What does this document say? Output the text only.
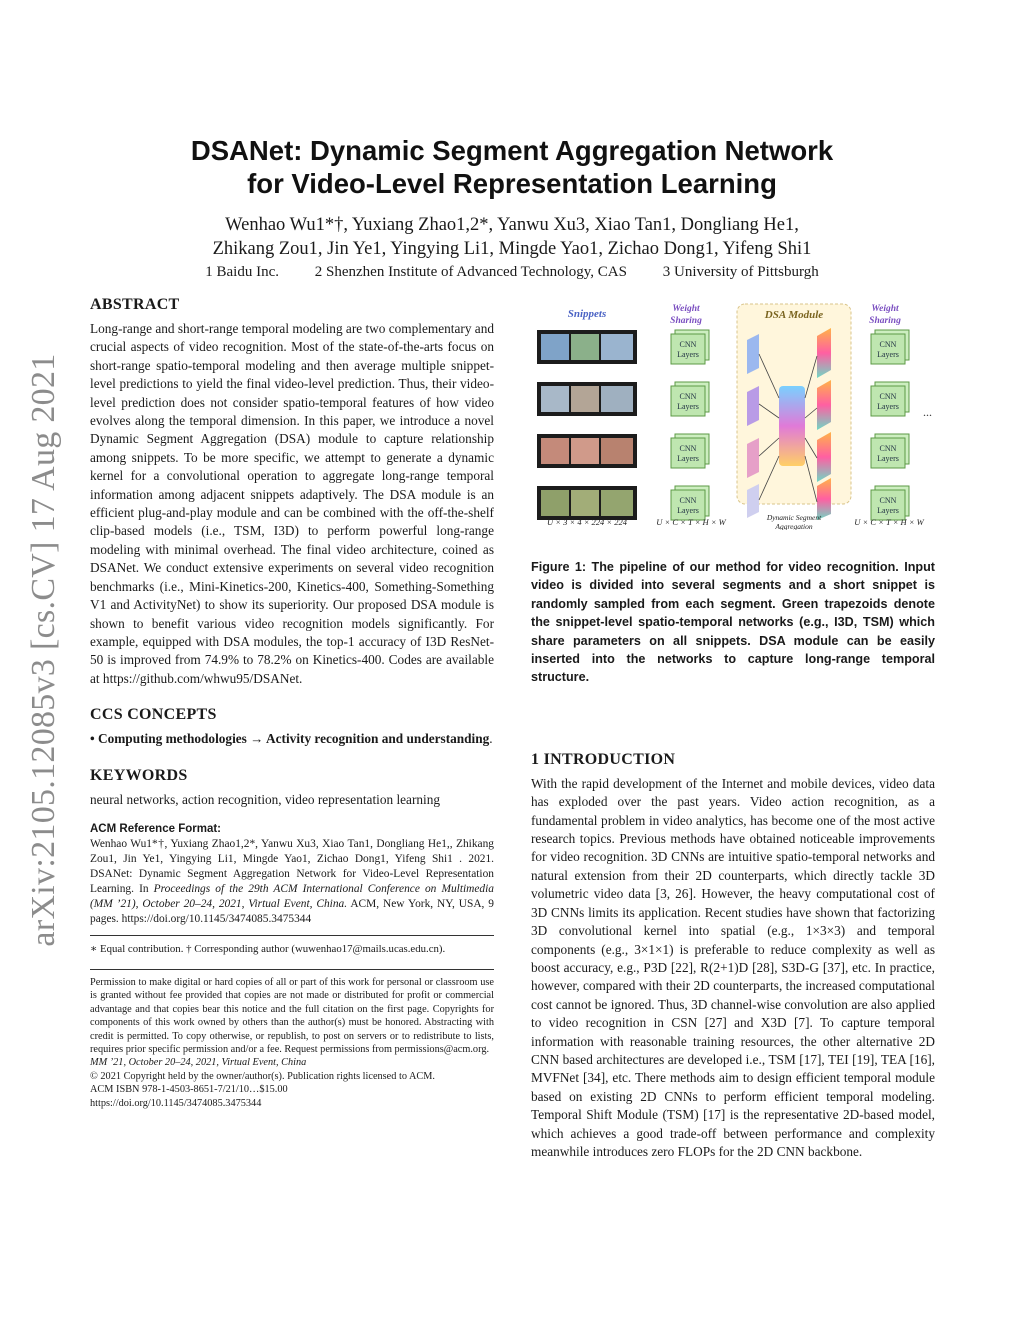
arXiv:2105.12085v3 [cs.CV] 17 Aug 2021
DSANet: Dynamic Segment Aggregation Network
for Video-Level Representation Learning
Wenhao Wu1*†, Yuxiang Zhao1,2*, Yanwu Xu3, Xiao Tan1, Dongliang He1,
Zhikang Zou1, Jin Ye1, Yingying Li1, Mingde Yao1, Zichao Dong1, Yifeng Shi1
1 Baidu Inc. 2 Shenzhen Institute of Advanced Technology, CAS 3 University of Pittsburgh
ABSTRACT

Long-range and short-range temporal modeling are two complementary and crucial aspects of video recognition. Most of the state-of-the-arts focus on short-range spatio-temporal modeling and then average multiple snippet-level predictions to yield the final video-level prediction. Thus, their video-level prediction does not consider spatio-temporal features of how video evolves along the temporal dimension. In this paper, we introduce a novel Dynamic Segment Aggregation (DSA) module to capture relationship among snippets. To be more specific, we attempt to generate a dynamic kernel for a convolutional operation to aggregate long-range temporal information among adjacent snippets adaptively. The DSA module is an efficient plug-and-play module and can be combined with the off-the-shelf clip-based models (i.e., TSM, I3D) to perform powerful long-range modeling with minimal overhead. The final video architecture, coined as DSANet. We conduct extensive experiments on several video recognition benchmarks (i.e., Mini-Kinetics-200, Kinetics-400, Something-Something V1 and ActivityNet) to show its superiority. Our proposed DSA module is shown to benefit various video recognition models significantly. For example, equipped with DSA modules, the top-1 accuracy of I3D ResNet-50 is improved from 74.9% to 78.2% on Kinetics-400. Codes are available at https://github.com/whwu95/DSANet.

CCS CONCEPTS

• Computing methodologies → Activity recognition and understanding.

KEYWORDS

neural networks, action recognition, video representation learning

ACM Reference Format:

Wenhao Wu1*†, Yuxiang Zhao1,2*, Yanwu Xu3, Xiao Tan1, Dongliang He1,, Zhikang Zou1, Jin Ye1, Yingying Li1, Mingde Yao1, Zichao Dong1, Yifeng Shi1 . 2021. DSANet: Dynamic Segment Aggregation Network for Video-Level Representation Learning. In Proceedings of the 29th ACM International Conference on Multimedia (MM ’21), October 20–24, 2021, Virtual Event, China. ACM, New York, NY, USA, 9 pages. https://doi.org/10.1145/3474085.3475344

∗ Equal contribution. † Corresponding author (wuwenhao17@mails.ucas.edu.cn).

Permission to make digital or hard copies of all or part of this work for personal or classroom use is granted without fee provided that copies are not made or distributed for profit or commercial advantage and that copies bear this notice and the full citation on the first page. Copyrights for components of this work owned by others than the author(s) must be honored. Abstracting with credit is permitted. To copy otherwise, or republish, to post on servers or to redistribute to lists, requires prior specific permission and/or a fee. Request permissions from permissions@acm.org.

MM ’21, October 20–24, 2021, Virtual Event, China

© 2021 Copyright held by the owner/author(s). Publication rights licensed to ACM.

ACM ISBN 978-1-4503-8651-7/21/10…$15.00

https://doi.org/10.1145/3474085.3475344

Snippets	Weight
Sharing
Weight
Sharing
DSA Module
CNN
Layers
CNN
Layers
CNN
Layers
CNN
Layers
CNN
Layers
CNN
Layers
CNN
Layers
CNN
Layers
...
U × 3 × 4 × 224 × 224	U × C × T × H × W	Dynamic Segment
Aggregation	U × C × T × H × W

Figure 1: The pipeline of our method for video recognition. Input video is divided into several segments and a short snippet is randomly sampled from each segment. Green trapezoids denote the snippet-level spatio-temporal networks (e.g., I3D, TSM) which share parameters on all snippets. DSA module can be easily inserted into the networks to capture long-range temporal structure.

1 INTRODUCTION

With the rapid development of the Internet and mobile devices, video data has exploded over the past years. Video action recognition, as a fundamental problem in video analytics, has become one of the most active research topics. Previous methods have obtained noticeable improvements for video recognition. 3D CNNs are intuitive spatio-temporal networks and natural extension from their 2D counterparts, which directly tackle 3D volumetric video data [3, 26]. However, the heavy computational cost of 3D CNNs limits its application. Recent studies have shown that factorizing 3D convolutional kernel into spatial (e.g., 1×3×3) and temporal components (e.g., 3×1×1) is preferable to reduce complexity as well as boost accuracy, e.g., P3D [22], R(2+1)D [28], S3D-G [37], etc. In practice, however, compared with their 2D counterparts, the increased computational cost cannot be ignored. Thus, 3D channel-wise convolution are also applied to video recognition in CSN [27] and X3D [7]. To capture temporal information with reasonable training resources, the other alternative 2D CNN based architectures are developed i.e., TSM [17], TEI [19], TEA [16], MVFNet [34], etc. There methods aim to design efficient temporal module based on existing 2D CNNs to perform efficient temporal modeling. Temporal Shift Module (TSM) [17] is the representative 2D-based model, which achieves a good trade-off between performance and complexity meanwhile introduces zero FLOPs for the 2D CNN backbone.
